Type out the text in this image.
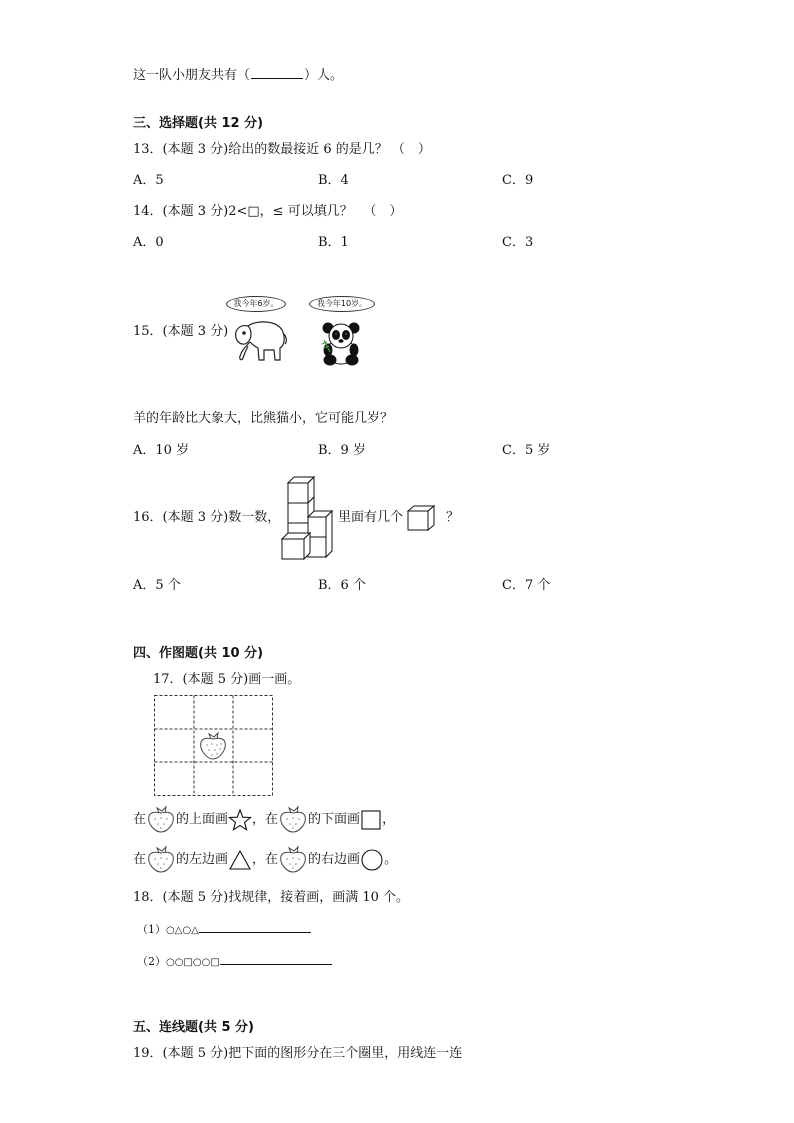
这一队小朋友共有（	）人。
三、选择题(共 12 分)
13．(本题 3 分)给出的数最接近 6 的是几？ （　）
A．5	B．4	C．9
14．(本题 3 分)2<□，≤ 可以填几？ 　（　）
A．0	B．1	C．3
15．(本题 3 分)
我今年6岁。	我今年10岁。
羊的年龄比大象大，比熊猫小，它可能几岁？
A．10 岁	B．9 岁	C．5 岁
16．(本题 3 分)数一数，	里面有几个	？
A．5 个	B．6 个	C．7 个
四、作图题(共 10 分)
17．(本题 5 分)画一画。
在 的上面画 ，在 的下面画 ，
在 的左边画 ，在 的右边画 。
18．(本题 5 分)找规律，接着画，画满 10 个。
（1）○△○△
（2）○○□○○□
五、连线题(共 5 分)
19．(本题 5 分)把下面的图形分在三个圈里，用线连一连
